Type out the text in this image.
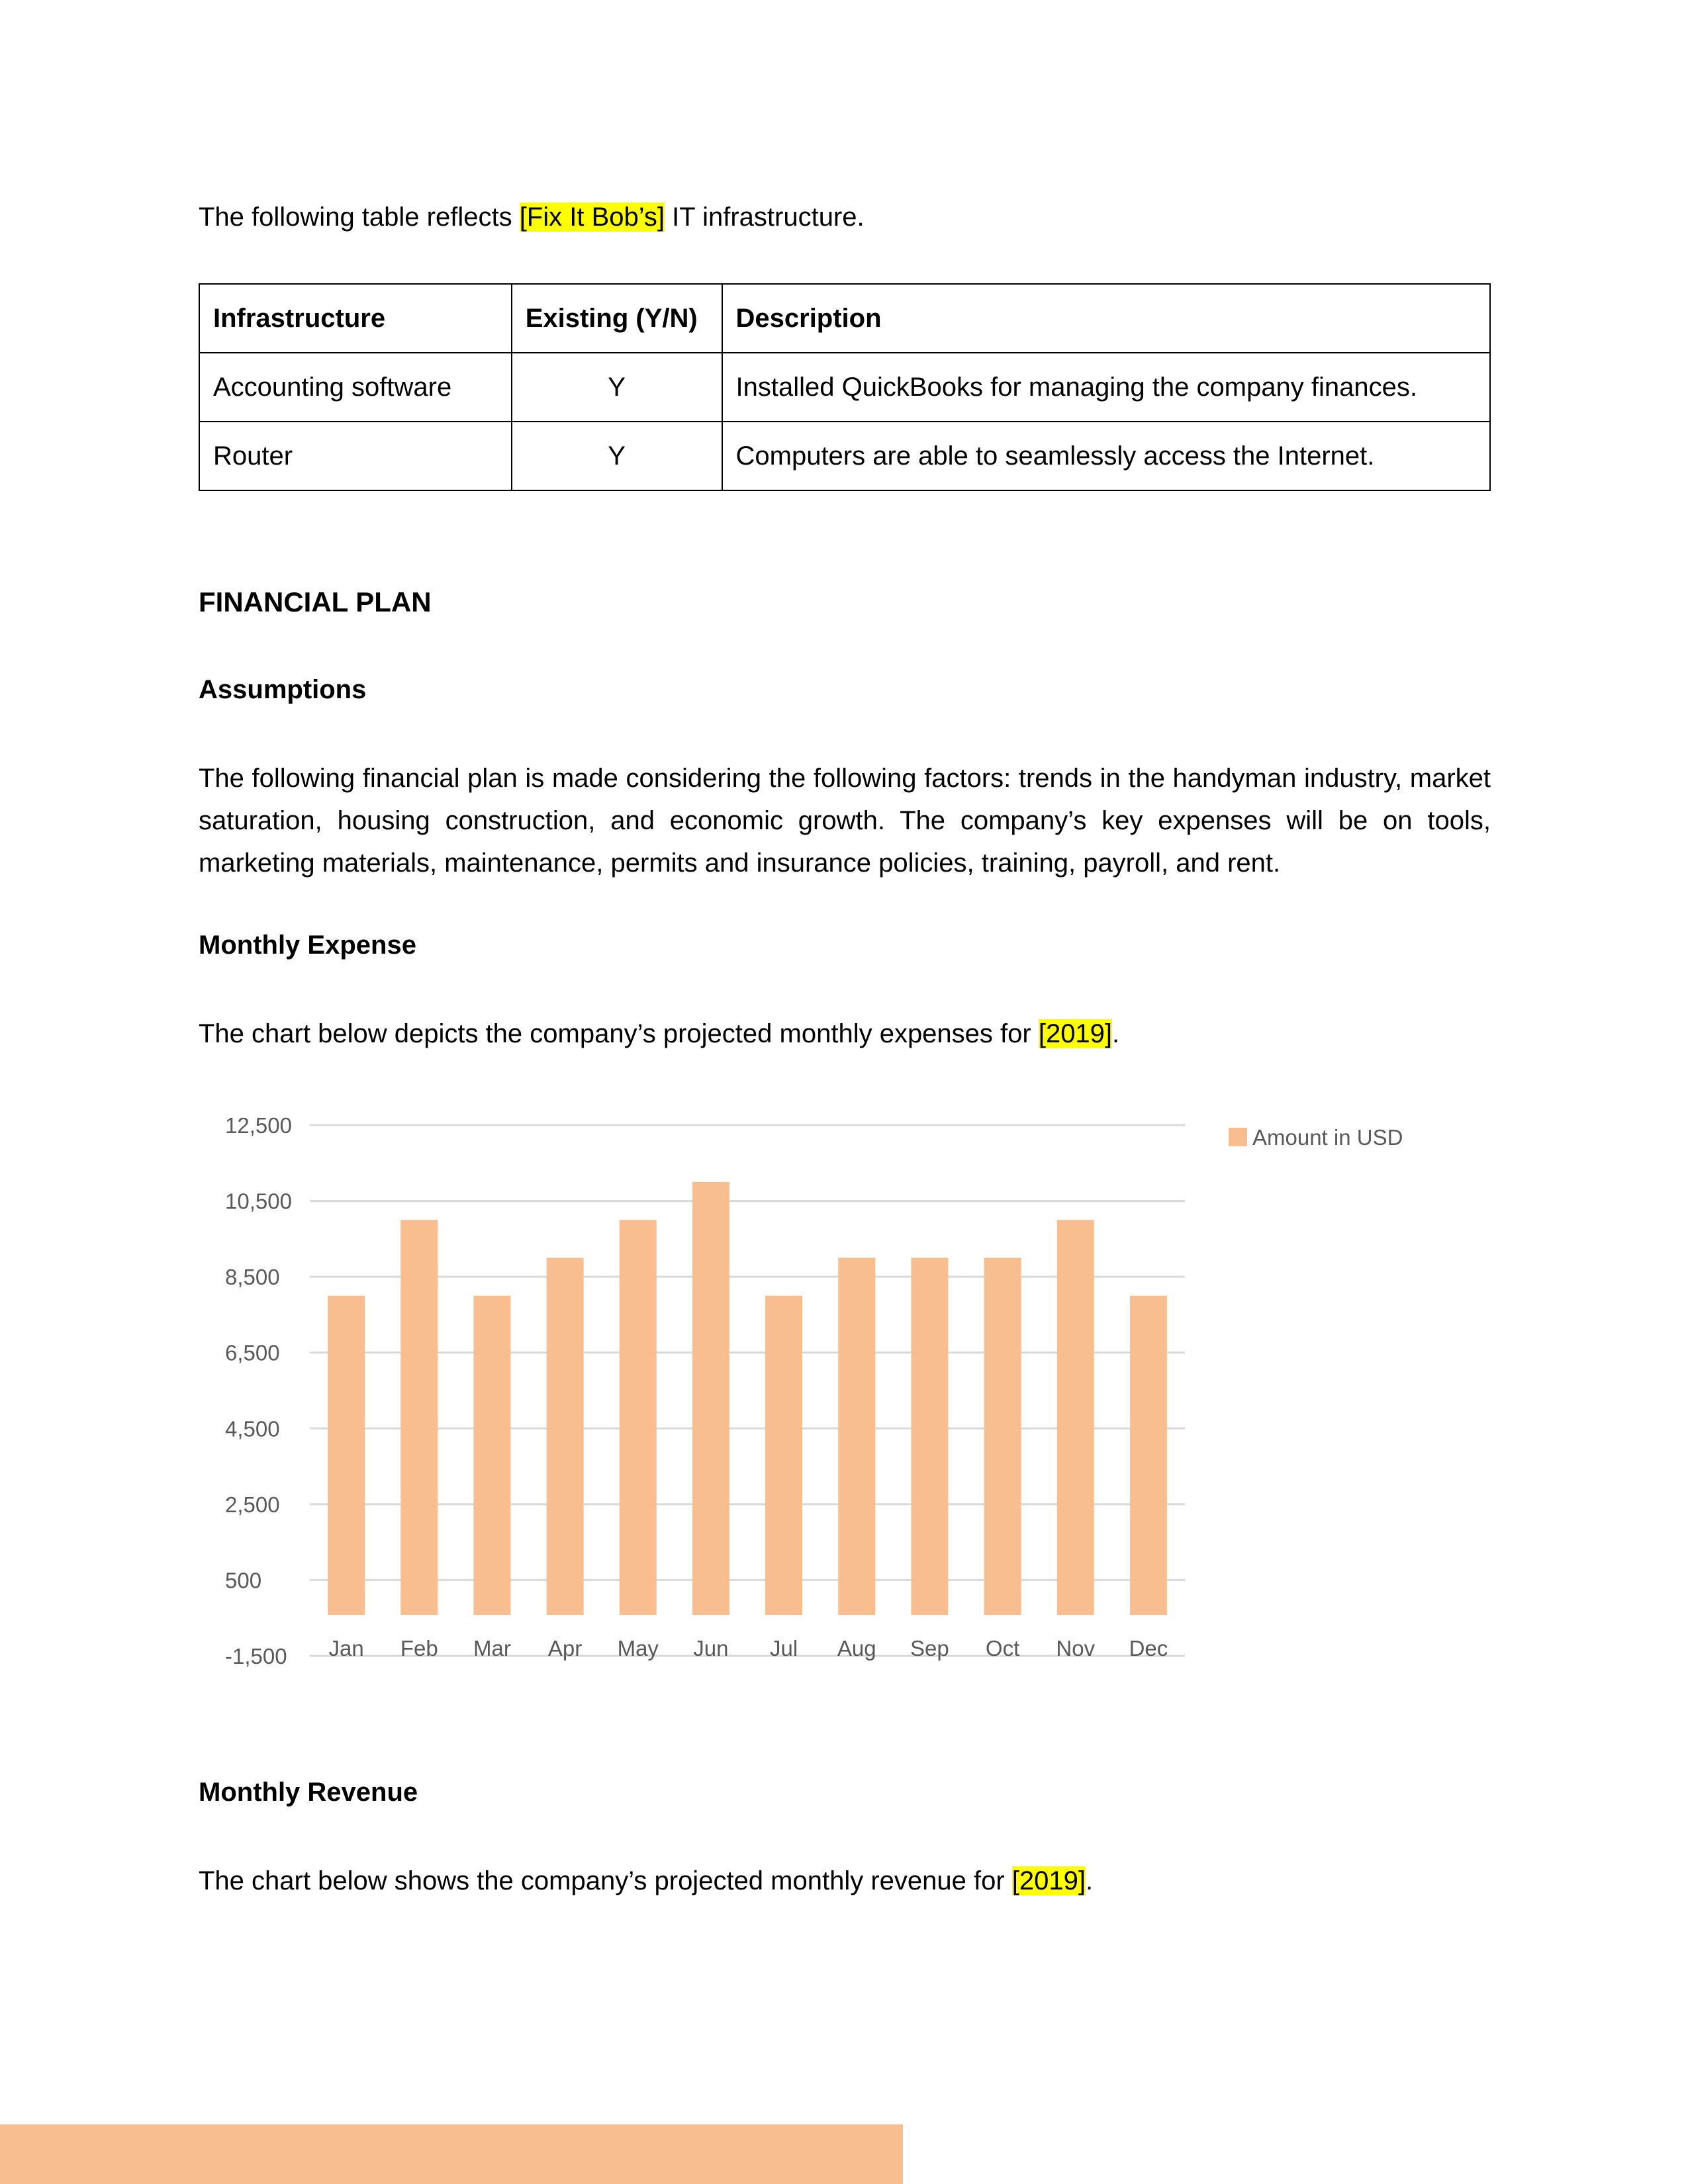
The following table reflects [Fix It Bob’s] IT infrastructure.

Infrastructure	Existing (Y/N)	Description
Accounting software	Y	Installed QuickBooks for managing the company finances.
Router	Y	Computers are able to seamlessly access the Internet.
FINANCIAL PLAN
Assumptions

The following financial plan is made considering the following factors: trends in the handyman industry, market saturation, housing construction, and economic growth. The company’s key expenses will be on tools, marketing materials, maintenance, permits and insurance policies, training, payroll, and rent.

Monthly Expense

The chart below depicts the company’s projected monthly expenses for [2019].

12,500
10,500
8,500
6,500
4,500
2,500
500
-1,500 Jan Feb Mar Apr May Jun Jul Aug Sep Oct Nov Dec
Amount in USD
Monthly Revenue

The chart below shows the company’s projected monthly revenue for [2019].
